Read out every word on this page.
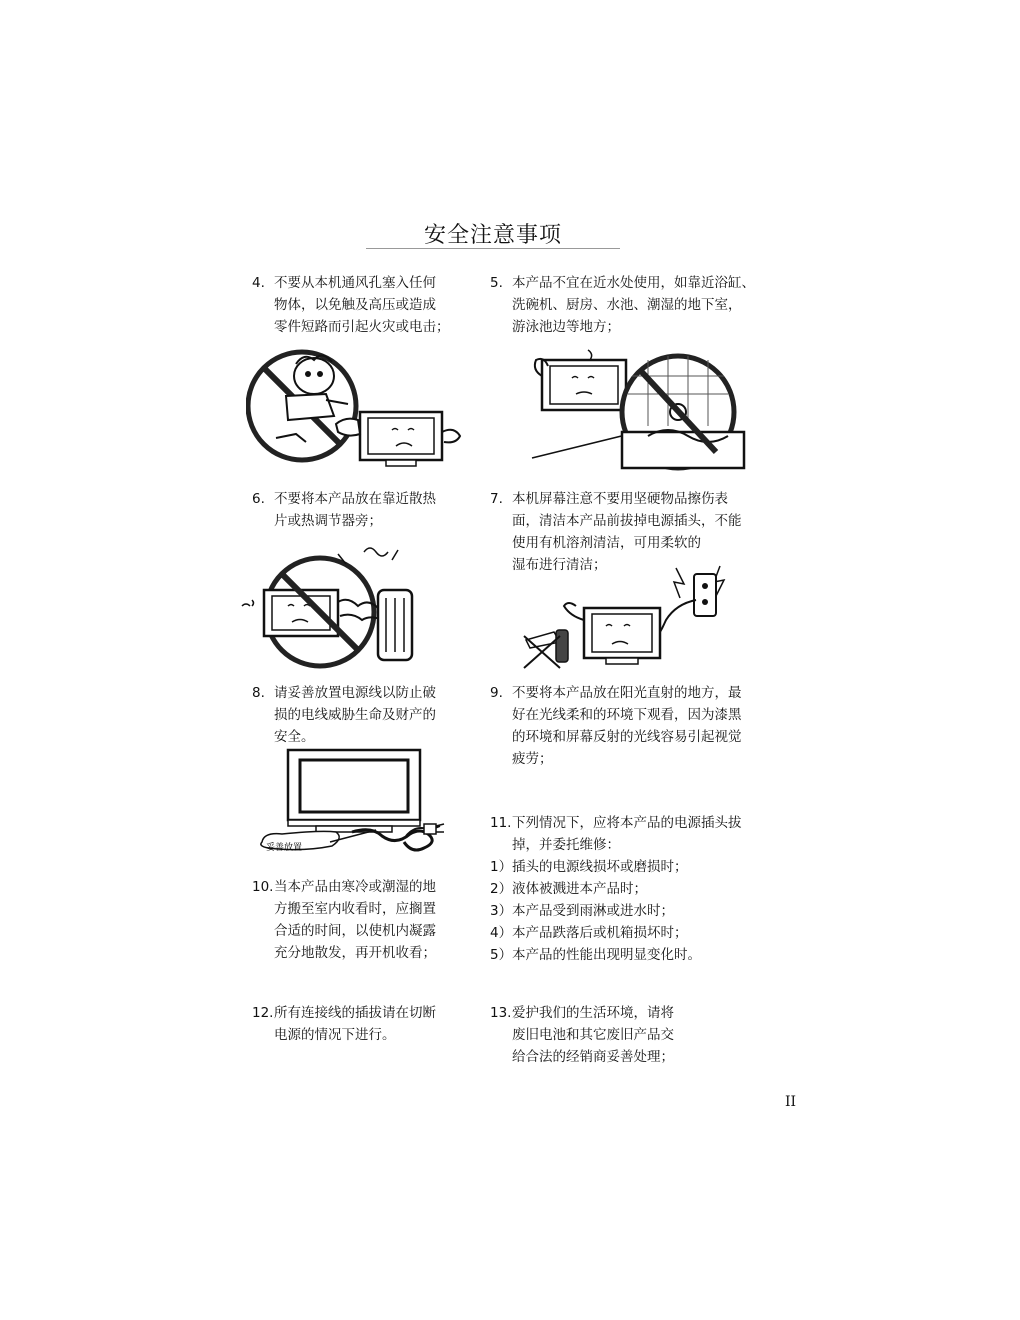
安全注意事项
4. 不要从本机通风孔塞入任何
物体，以免触及高压或造成
零件短路而引起火灾或电击；
5. 本产品不宜在近水处使用，如靠近浴缸、
洗碗机、厨房、水池、潮湿的地下室，
游泳池边等地方；
6. 不要将本产品放在靠近散热
片或热调节器旁；
7. 本机屏幕注意不要用坚硬物品擦伤表
面，清洁本产品前拔掉电源插头，不能
使用有机溶剂清洁，可用柔软的
湿布进行清洁；
8. 请妥善放置电源线以防止破
损的电线威胁生命及财产的
安全。
9. 不要将本产品放在阳光直射的地方，最
好在光线柔和的环境下观看，因为漆黑
的环境和屏幕反射的光线容易引起视觉
疲劳；
妥善放置
11.下列情况下，应将本产品的电源插头拔
掉，并委托维修：
1）插头的电源线损坏或磨损时；
2）液体被溅进本产品时；
3）本产品受到雨淋或进水时；
4）本产品跌落后或机箱损坏时；
5）本产品的性能出现明显变化时。
10.当本产品由寒冷或潮湿的地
方搬至室内收看时，应搁置
合适的时间，以使机内凝露
充分地散发，再开机收看；
12.所有连接线的插拔请在切断
电源的情况下进行。
13.爱护我们的生活环境，请将
废旧电池和其它废旧产品交
给合法的经销商妥善处理；
II
